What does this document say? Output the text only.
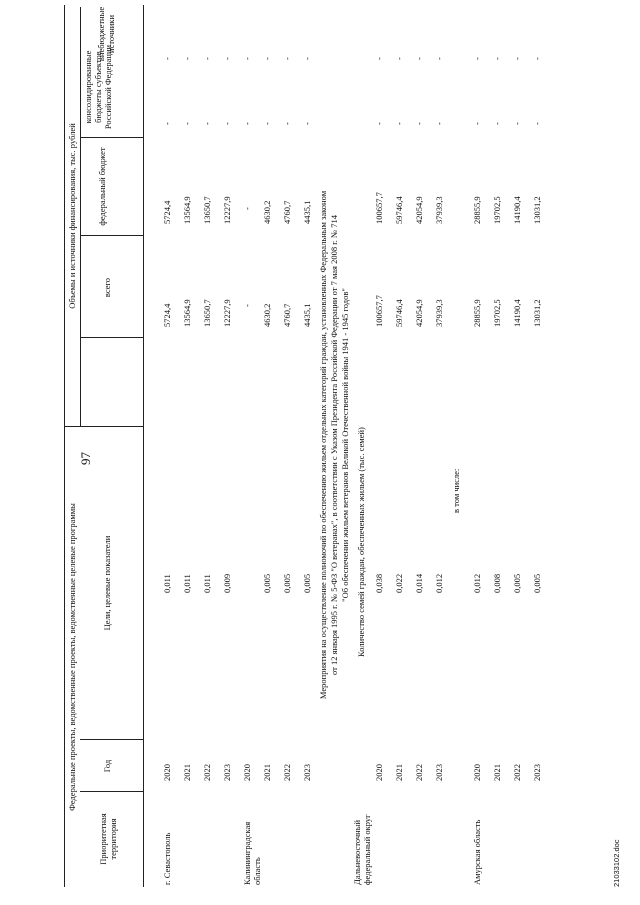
97
Федеральные проекты, ведомственные проекты, ведомственные целевые программы
Объемы и источники финансирования, тыс. рублей
Приоритетная территория
Год
Цели, целевые показатели
всего
федеральный бюджет
консолидированные бюджеты субъектов Российской Федерации
внебюджетные источники
г. Севастополь
2020
0,011
5724,4
5724,4
-
-
2021
0,011
13564,9
13564,9
-
-
2022
0,011
13650,7
13650,7
-
-
2023
0,009
12227,9
12227,9
-
-
Калининградская область
2020
-
-
-
-
2021
0,005
4630,2
4630,2
-
-
2022
0,005
4760,7
4760,7
-
-
2023
0,005
4435,1
4435,1
-
-
Мероприятия на осуществление полномочий по обеспечению жильем отдельных категорий граждан, установленных Федеральным законом от 12 января 1995 г. № 5-ФЗ "О ветеранах", в соответствии с Указом Президента Российской Федерации от 7 мая 2008 г. № 714 "Об обеспечении жильем ветеранов Великой Отечественной войны 1941 - 1945 годов" Количество семей граждан, обеспеченных жильем (тыс. семей)
Дальневосточный федеральный округ
2020
0,038
100657,7
100657,7
-
-
2021
0,022
59746,4
59746,4
-
-
2022
0,014
42054,9
42054,9
-
-
2023
0,012
37939,3
37939,3
-
-
в том числе:
Амурская область
2020
0,012
28855,9
28855,9
-
-
2021
0,008
19702,5
19702,5
-
-
2022
0,005
14190,4
14190,4
-
-
2023
0,005
13031,2
13031,2
-
-
21033102.doc
